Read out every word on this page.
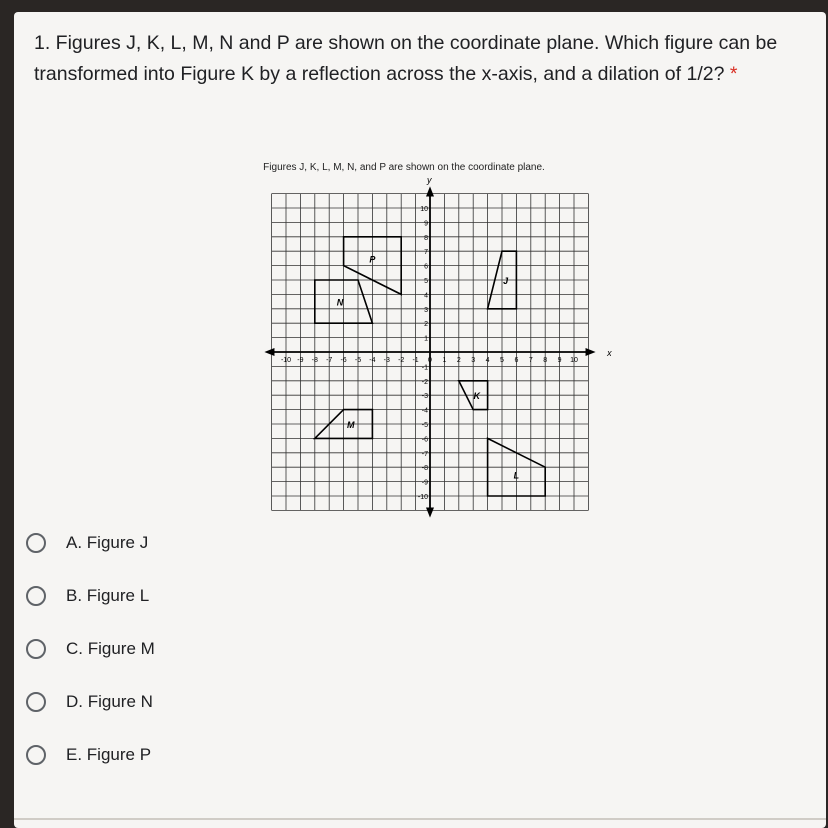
1. Figures J, K, L, M, N and P are shown on the coordinate plane. Which figure can be transformed into Figure K by a reflection across the x-axis, and a dilation of 1/2? *
Figures J, K, L, M, N, and P are shown on the coordinate plane.
x
y
-10 -9 -8 -7 -6 -5 -4 -3 -2 -1 0 1 2 3 4 5 6 7 8 9 10
10
9
8
7
6
5
4
3
2
1
-1
-2
-3
-4
-5
-6
-7
-8
-9
-10
J
K
L
M
N
P
A. Figure J
B. Figure L
C. Figure M
D. Figure N
E. Figure P
